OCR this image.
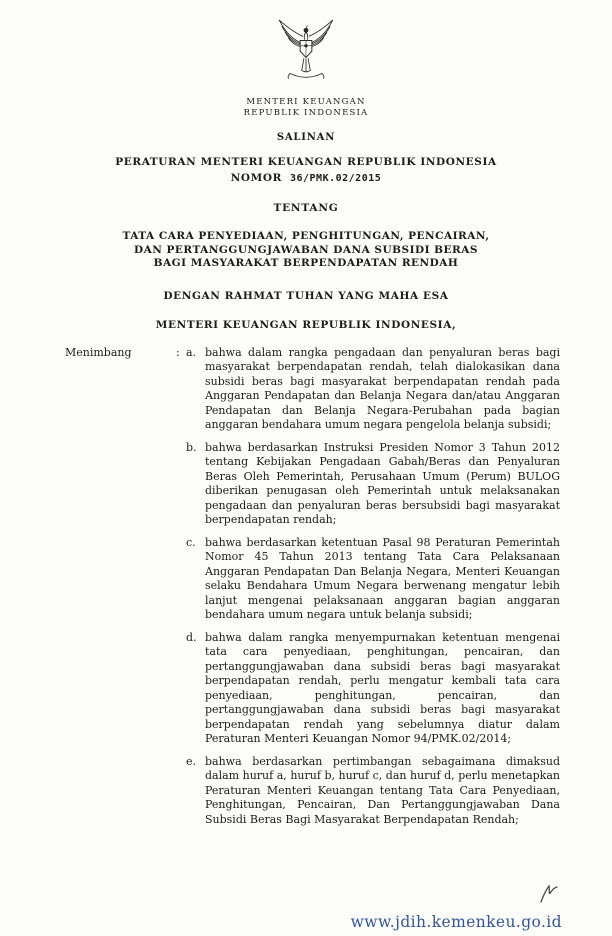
MENTERI KEUANGAN
REPUBLIK INDONESIA
SALINAN
PERATURAN MENTERI KEUANGAN REPUBLIK INDONESIA
NOMOR 36/PMK.02/2015
TENTANG
TATA CARA PENYEDIAAN, PENGHITUNGAN, PENCAIRAN,
DAN PERTANGGUNGJAWABAN DANA SUBSIDI BERAS
BAGI MASYARAKAT BERPENDAPATAN RENDAH
DENGAN RAHMAT TUHAN YANG MAHA ESA
MENTERI KEUANGAN REPUBLIK INDONESIA,
Menimbang	: a. bahwa dalam rangka pengadaan dan penyaluran beras bagi masyarakat berpendapatan rendah, telah dialokasikan dana subsidi beras bagi masyarakat berpendapatan rendah pada Anggaran Pendapatan dan Belanja Negara dan/atau Anggaran Pendapatan dan Belanja Negara-Perubahan pada bagian anggaran bendahara umum negara pengelola belanja subsidi;
b. bahwa berdasarkan Instruksi Presiden Nomor 3 Tahun 2012 tentang Kebijakan Pengadaan Gabah/Beras dan Penyaluran Beras Oleh Pemerintah, Perusahaan Umum (Perum) BULOG diberikan penugasan oleh Pemerintah untuk melaksanakan pengadaan dan penyaluran beras bersubsidi bagi masyarakat berpendapatan rendah;
c. bahwa berdasarkan ketentuan Pasal 98 Peraturan Pemerintah Nomor 45 Tahun 2013 tentang Tata Cara Pelaksanaan Anggaran Pendapatan Dan Belanja Negara, Menteri Keuangan selaku Bendahara Umum Negara berwenang mengatur lebih lanjut mengenai pelaksanaan anggaran bagian anggaran bendahara umum negara untuk belanja subsidi;
d. bahwa dalam rangka menyempurnakan ketentuan mengenai tata cara penyediaan, penghitungan, pencairan, dan pertanggungjawaban dana subsidi beras bagi masyarakat berpendapatan rendah, perlu mengatur kembali tata cara penyediaan, penghitungan, pencairan, dan pertanggungjawaban dana subsidi beras bagi masyarakat berpendapatan rendah yang sebelumnya diatur dalam Peraturan Menteri Keuangan Nomor 94/PMK.02/2014;
e. bahwa berdasarkan pertimbangan sebagaimana dimaksud dalam huruf a, huruf b, huruf c, dan huruf d, perlu menetapkan Peraturan Menteri Keuangan tentang Tata Cara Penyediaan, Penghitungan, Pencairan, Dan Pertanggungjawaban Dana Subsidi Beras Bagi Masyarakat Berpendapatan Rendah;
www.jdih.kemenkeu.go.id
